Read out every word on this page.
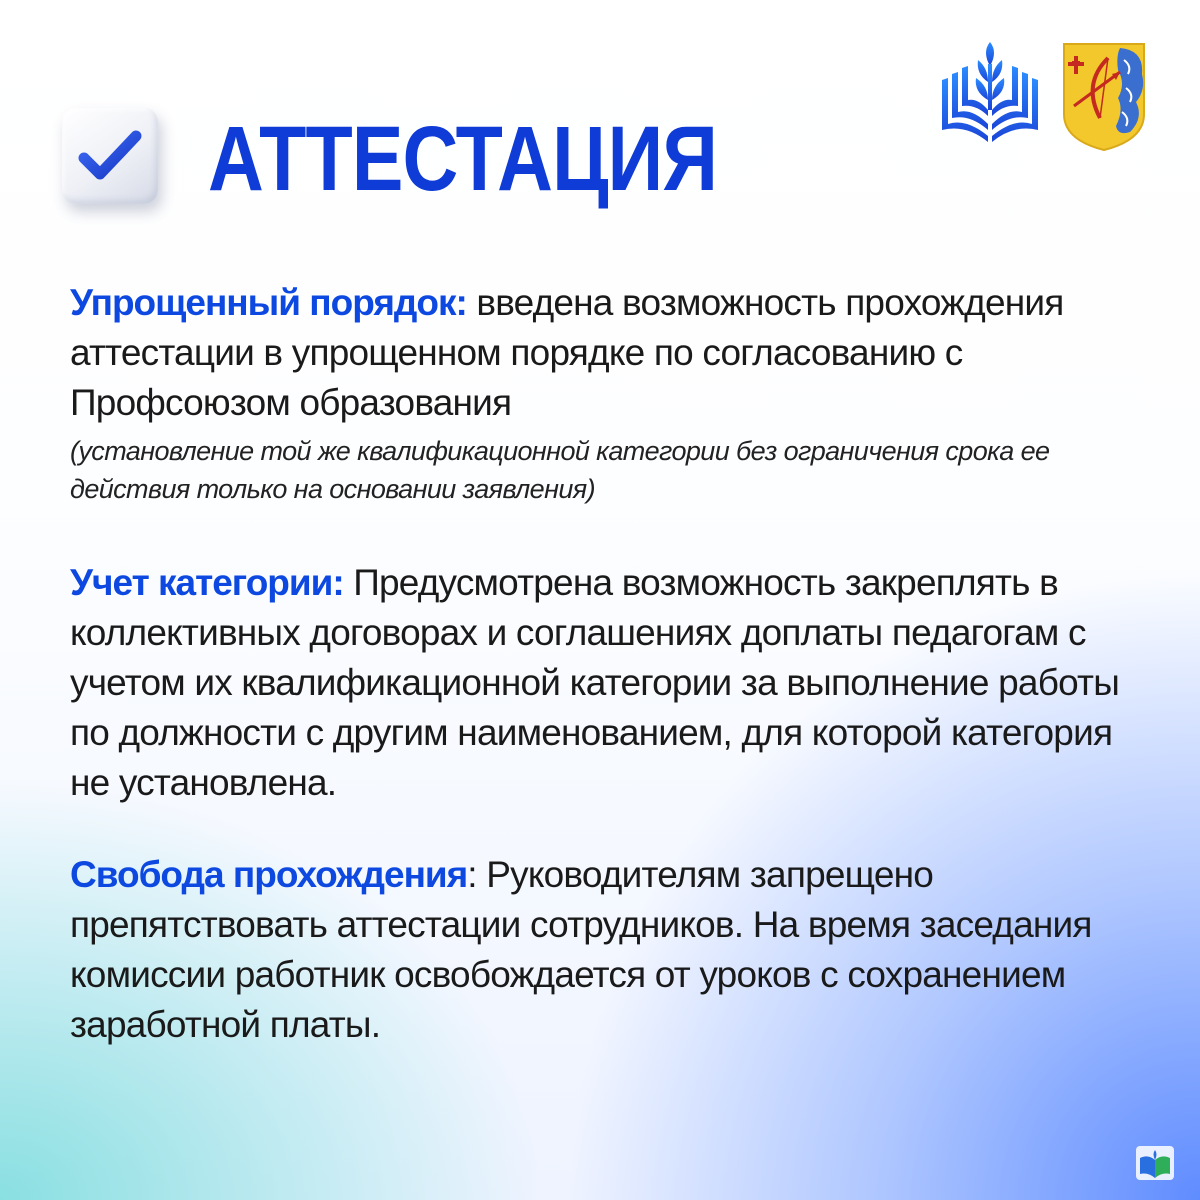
АТТЕСТАЦИЯ

Упрощенный порядок: введена возможность прохождения аттестации в упрощенном порядке по согласованию с Профсоюзом образования

(установление той же квалификационной категории без ограничения срока ее действия только на основании заявления)

Учет категории: Предусмотрена возможность закреплять в коллективных договорах и соглашениях доплаты педагогам с учетом их квалификационной категории за выполнение работы по должности с другим наименованием, для которой категория не установлена.

Свобода прохождения: Руководителям запрещено препятствовать аттестации сотрудников. На время заседания комиссии работник освобождается от уроков с сохранением заработной платы.
